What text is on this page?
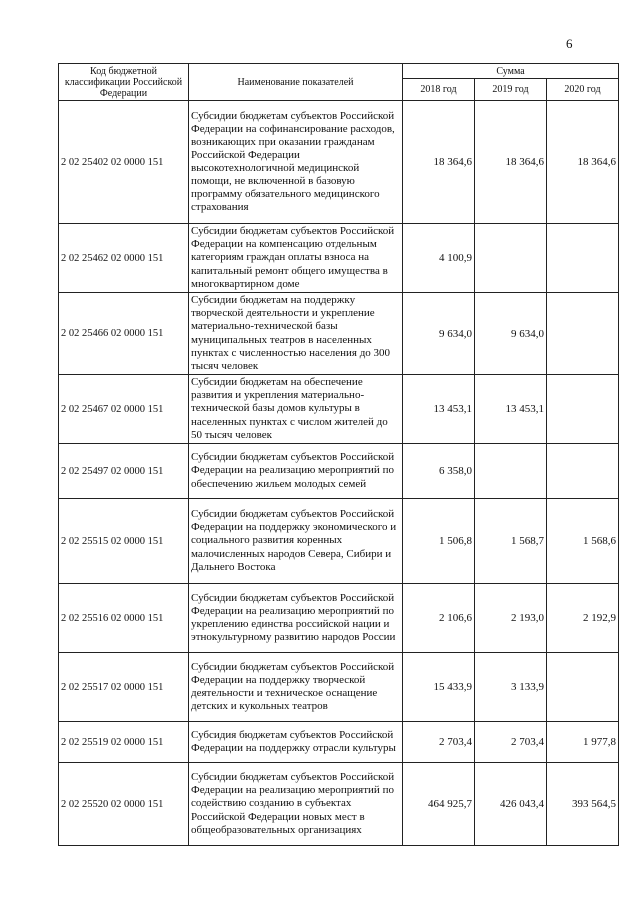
6
Код бюджетной классификации Российской Федерации	Наименование показателей	Сумма		
		2018 год	2019 год	2020 год
2 02 25402 02 0000 151	Субсидии бюджетам субъектов Российской Федерации на софинансирование расходов, возникающих при оказании гражданам Российской Федерации высокотехнологичной медицинской помощи, не включенной в базовую программу обязательного медицинского страхования	18 364,6	18 364,6	18 364,6
2 02 25462 02 0000 151	Субсидии бюджетам субъектов Российской Федерации на компенсацию отдельным категориям граждан оплаты взноса на капитальный ремонт общего имущества в многоквартирном доме	4 100,9		
2 02 25466 02 0000 151	Субсидии бюджетам на поддержку творческой деятельности и укрепление материально-технической базы муниципальных театров в населенных пунктах с численностью населения до 300 тысяч человек	9 634,0	9 634,0	
2 02 25467 02 0000 151	Субсидии бюджетам на обеспечение развития и укрепления материально-технической базы домов культуры в населенных пунктах с числом жителей до 50 тысяч человек	13 453,1	13 453,1	
2 02 25497 02 0000 151	Субсидии бюджетам субъектов Российской Федерации на реализацию мероприятий по обеспечению жильем молодых семей	6 358,0		
2 02 25515 02 0000 151	Субсидии бюджетам субъектов Российской Федерации на поддержку экономического и социального развития коренных малочисленных народов Севера, Сибири и Дальнего Востока	1 506,8	1 568,7	1 568,6
2 02 25516 02 0000 151	Субсидии бюджетам субъектов Российской Федерации на реализацию мероприятий по укреплению единства российской нации и этнокультурному развитию народов России	2 106,6	2 193,0	2 192,9
2 02 25517 02 0000 151	Субсидии бюджетам субъектов Российской Федерации на поддержку творческой деятельности и техническое оснащение детских и кукольных театров	15 433,9	3 133,9	
2 02 25519 02 0000 151	Субсидия бюджетам субъектов Российской Федерации на поддержку отрасли культуры	2 703,4	2 703,4	1 977,8
2 02 25520 02 0000 151	Субсидии бюджетам субъектов Российской Федерации на реализацию мероприятий по содействию созданию в субъектах Российской Федерации новых мест в общеобразовательных организациях	464 925,7	426 043,4	393 564,5
